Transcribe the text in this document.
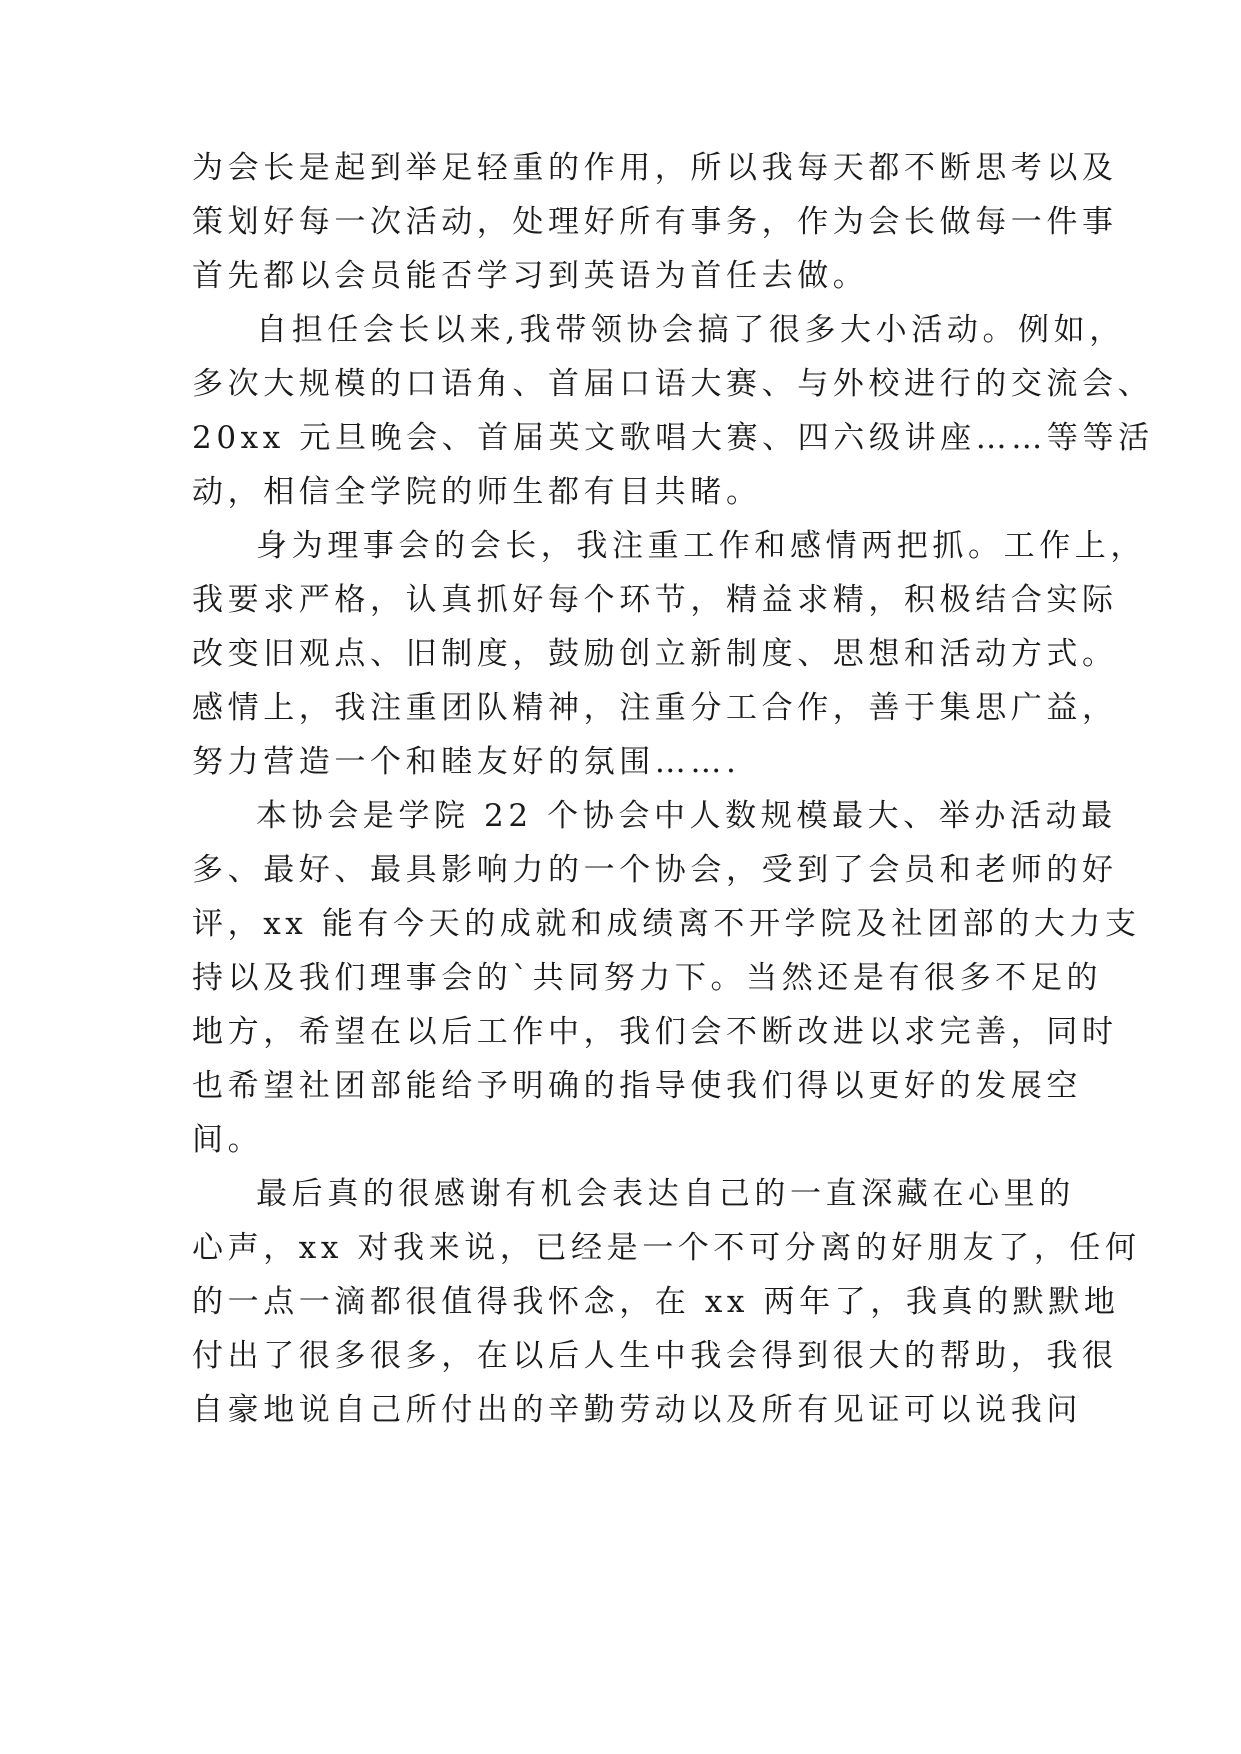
为会长是起到举足轻重的作用，所以我每天都不断思考以及
策划好每一次活动，处理好所有事务，作为会长做每一件事
首先都以会员能否学习到英语为首任去做。
自担任会长以来,我带领协会搞了很多大小活动。例如，
多次大规模的口语角、首届口语大赛、与外校进行的交流会、
20xx 元旦晚会、首届英文歌唱大赛、四六级讲座……等等活
动，相信全学院的师生都有目共睹。
身为理事会的会长，我注重工作和感情两把抓。工作上，
我要求严格，认真抓好每个环节，精益求精，积极结合实际
改变旧观点、旧制度，鼓励创立新制度、思想和活动方式。
感情上，我注重团队精神，注重分工合作，善于集思广益，
努力营造一个和睦友好的氛围…….
本协会是学院 22 个协会中人数规模最大、举办活动最
多、最好、最具影响力的一个协会，受到了会员和老师的好
评，xx 能有今天的成就和成绩离不开学院及社团部的大力支
持以及我们理事会的`共同努力下。当然还是有很多不足的
地方，希望在以后工作中，我们会不断改进以求完善，同时
也希望社团部能给予明确的指导使我们得以更好的发展空
间。
最后真的很感谢有机会表达自己的一直深藏在心里的
心声，xx 对我来说，已经是一个不可分离的好朋友了，任何
的一点一滴都很值得我怀念，在 xx 两年了，我真的默默地
付出了很多很多，在以后人生中我会得到很大的帮助，我很
自豪地说自己所付出的辛勤劳动以及所有见证可以说我问
